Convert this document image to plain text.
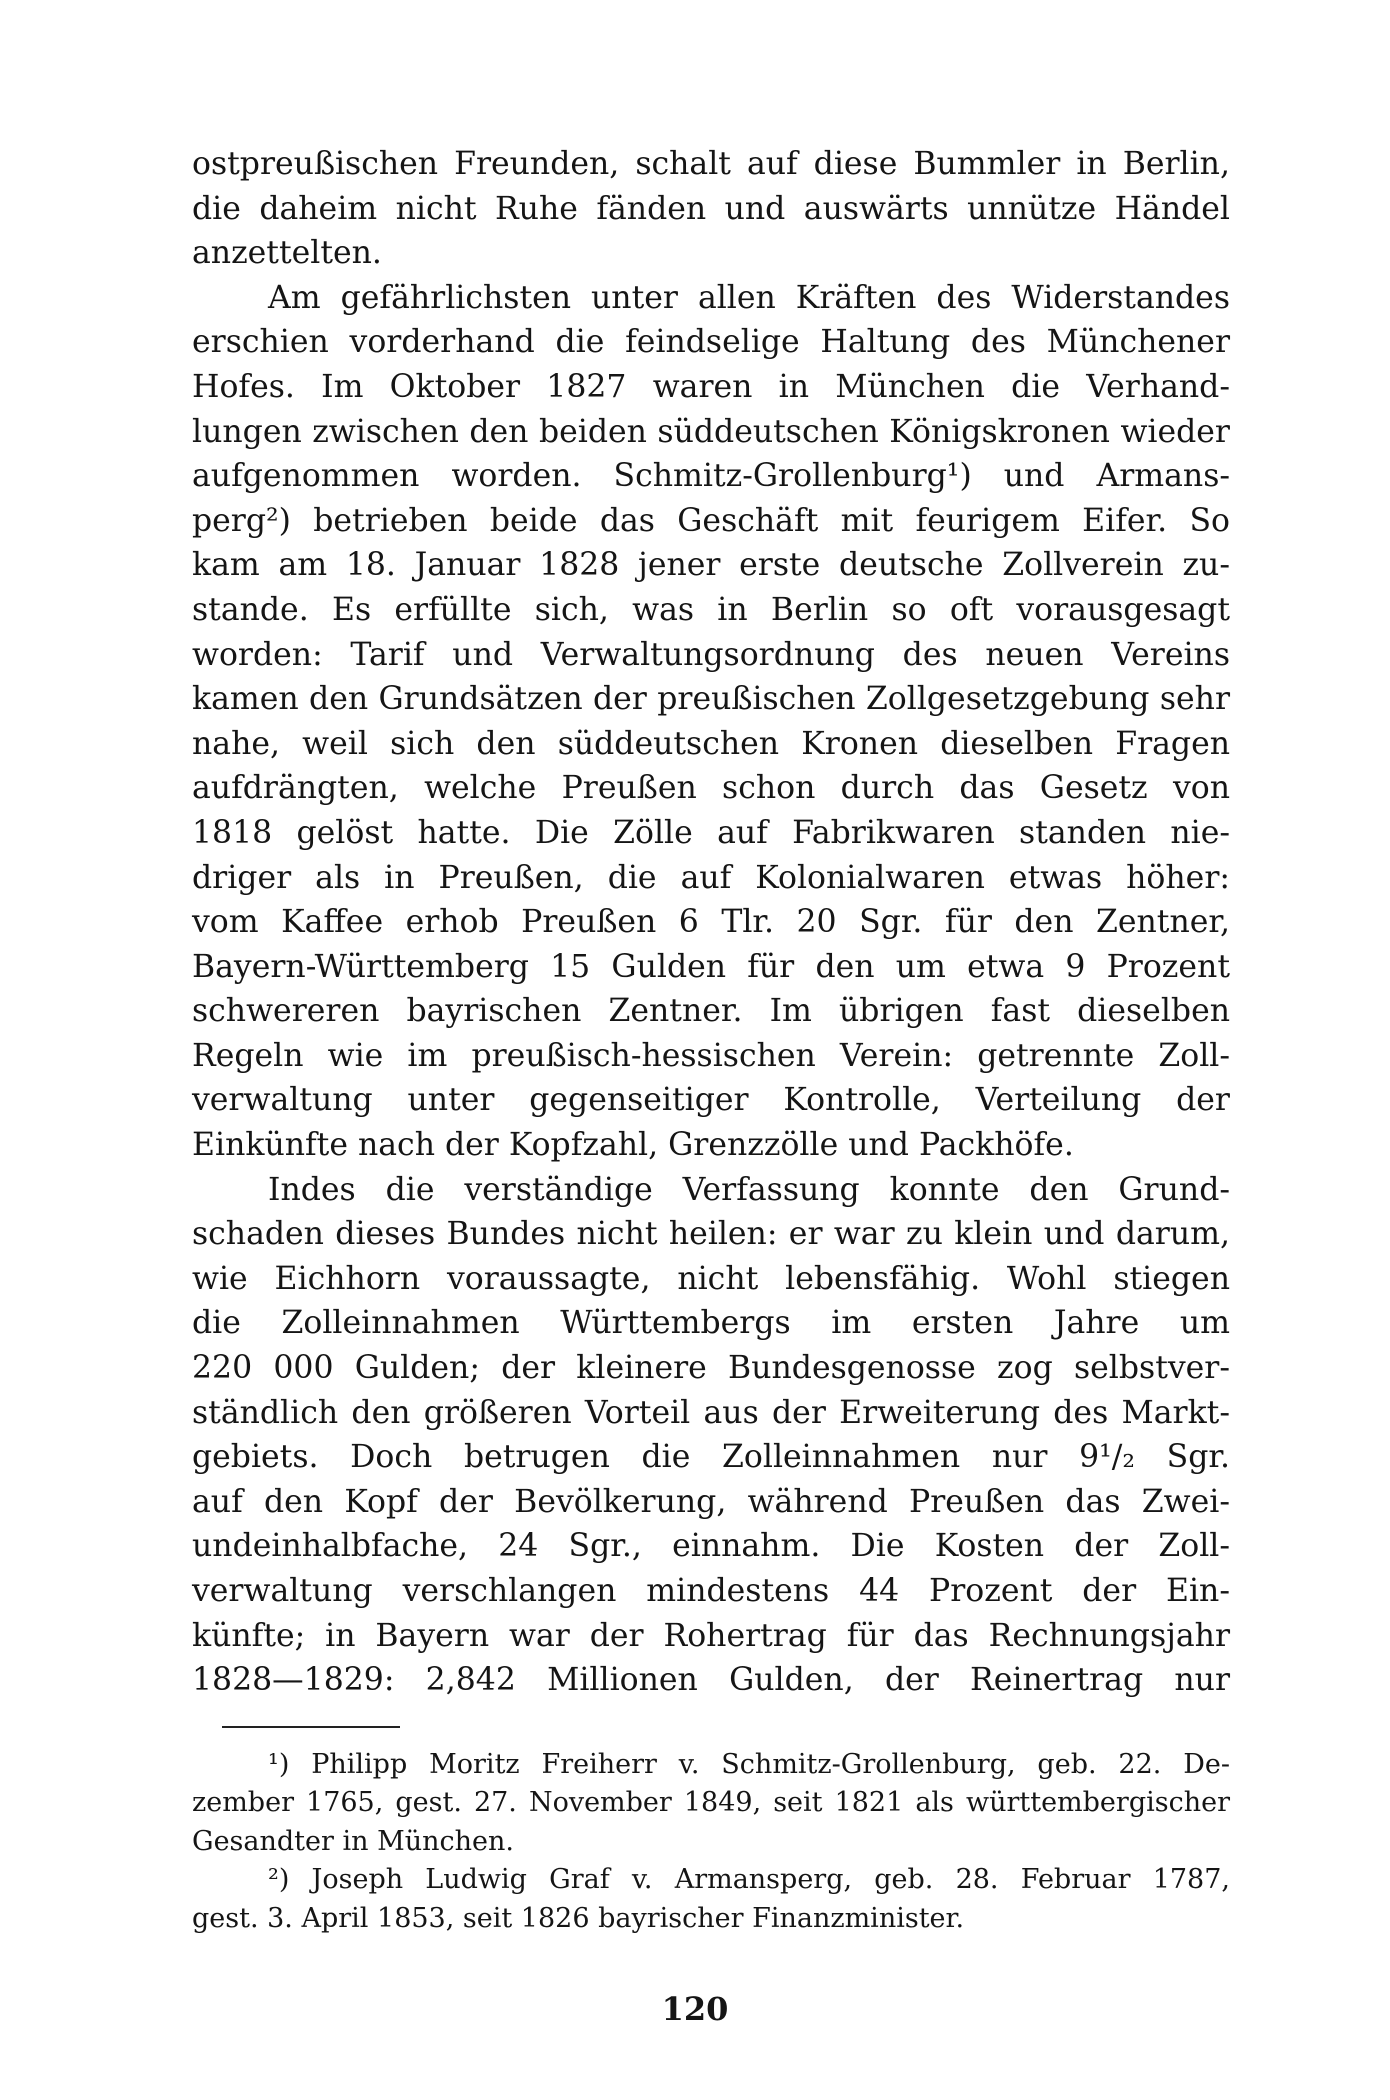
ostpreußischen Freunden, schalt auf diese Bummler in Berlin,
die daheim nicht Ruhe fänden und auswärts unnütze Händel
anzettelten.
Am gefährlichsten unter allen Kräften des Widerstandes
erschien vorderhand die feindselige Haltung des Münchener
Hofes. Im Oktober 1827 waren in München die Verhand-
lungen zwischen den beiden süddeutschen Königskronen wieder
aufgenommen worden. Schmitz-Grollenburg¹) und Armans-
perg²) betrieben beide das Geschäft mit feurigem Eifer. So
kam am 18. Januar 1828 jener erste deutsche Zollverein zu-
stande. Es erfüllte sich, was in Berlin so oft vorausgesagt
worden: Tarif und Verwaltungsordnung des neuen Vereins
kamen den Grundsätzen der preußischen Zollgesetzgebung sehr
nahe, weil sich den süddeutschen Kronen dieselben Fragen
aufdrängten, welche Preußen schon durch das Gesetz von
1818 gelöst hatte. Die Zölle auf Fabrikwaren standen nie-
driger als in Preußen, die auf Kolonialwaren etwas höher:
vom Kaffee erhob Preußen 6 Tlr. 20 Sgr. für den Zentner,
Bayern-Württemberg 15 Gulden für den um etwa 9 Prozent
schwereren bayrischen Zentner. Im übrigen fast dieselben
Regeln wie im preußisch-hessischen Verein: getrennte Zoll-
verwaltung unter gegenseitiger Kontrolle, Verteilung der
Einkünfte nach der Kopfzahl, Grenzzölle und Packhöfe.
Indes die verständige Verfassung konnte den Grund-
schaden dieses Bundes nicht heilen: er war zu klein und darum,
wie Eichhorn voraussagte, nicht lebensfähig. Wohl stiegen
die Zolleinnahmen Württembergs im ersten Jahre um
220 000 Gulden; der kleinere Bundesgenosse zog selbstver-
ständlich den größeren Vorteil aus der Erweiterung des Markt-
gebiets. Doch betrugen die Zolleinnahmen nur 9¹/₂ Sgr.
auf den Kopf der Bevölkerung, während Preußen das Zwei-
undeinhalbfache, 24 Sgr., einnahm. Die Kosten der Zoll-
verwaltung verschlangen mindestens 44 Prozent der Ein-
künfte; in Bayern war der Rohertrag für das Rechnungsjahr
1828—1829: 2,842 Millionen Gulden, der Reinertrag nur
¹) Philipp Moritz Freiherr v. Schmitz-Grollenburg, geb. 22. De-
zember 1765, gest. 27. November 1849, seit 1821 als württembergischer
Gesandter in München.
²) Joseph Ludwig Graf v. Armansperg, geb. 28. Februar 1787,
gest. 3. April 1853, seit 1826 bayrischer Finanzminister.
120
